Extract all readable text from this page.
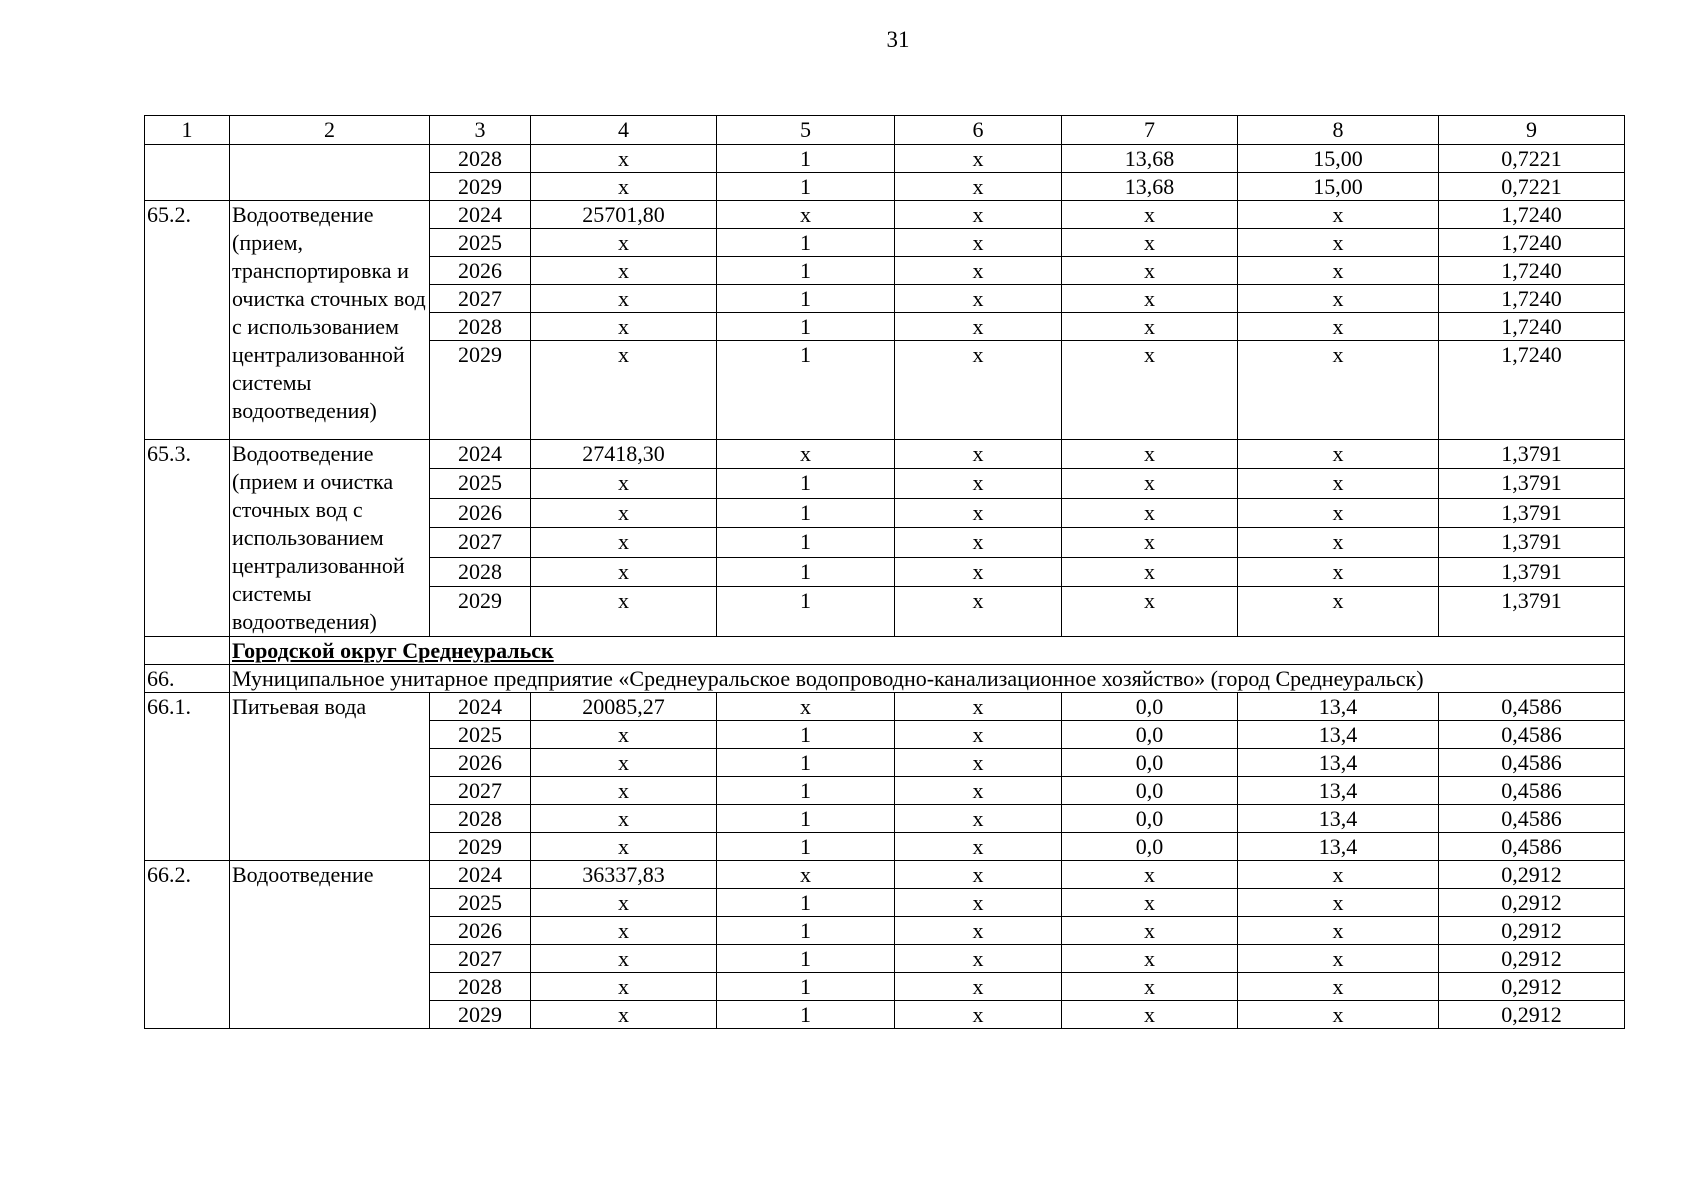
31
1	2	3	4	5	6	7	8	9
		2028	х	1	х	13,68	15,00	0,7221
		2029	х	1	х	13,68	15,00	0,7221
65.2.	Водоотведение (прием, транспортировка и очистка сточных вод с использованием централизованной системы водоотведения)	2024	25701,80	х	х	х	х	1,7240
		2025	х	1	х	х	х	1,7240
		2026	х	1	х	х	х	1,7240
		2027	х	1	х	х	х	1,7240
		2028	х	1	х	х	х	1,7240
		2029	х	1	х	х	х	1,7240
65.3.	Водоотведение (прием и очистка сточных вод с использованием централизованной системы водоотведения)	2024	27418,30	х	х	х	х	1,3791
		2025	х	1	х	х	х	1,3791
		2026	х	1	х	х	х	1,3791
		2027	х	1	х	х	х	1,3791
		2028	х	1	х	х	х	1,3791
		2029	х	1	х	х	х	1,3791
	Городской округ Среднеуральск							
66.	Муниципальное унитарное предприятие «Среднеуральское водопроводно-канализационное хозяйство» (город Среднеуральск)							
66.1.	Питьевая вода	2024	20085,27	х	х	0,0	13,4	0,4586
		2025	х	1	х	0,0	13,4	0,4586
		2026	х	1	х	0,0	13,4	0,4586
		2027	х	1	х	0,0	13,4	0,4586
		2028	х	1	х	0,0	13,4	0,4586
		2029	х	1	х	0,0	13,4	0,4586
66.2.	Водоотведение	2024	36337,83	х	х	х	х	0,2912
		2025	х	1	х	х	х	0,2912
		2026	х	1	х	х	х	0,2912
		2027	х	1	х	х	х	0,2912
		2028	х	1	х	х	х	0,2912
		2029	х	1	х	х	х	0,2912
